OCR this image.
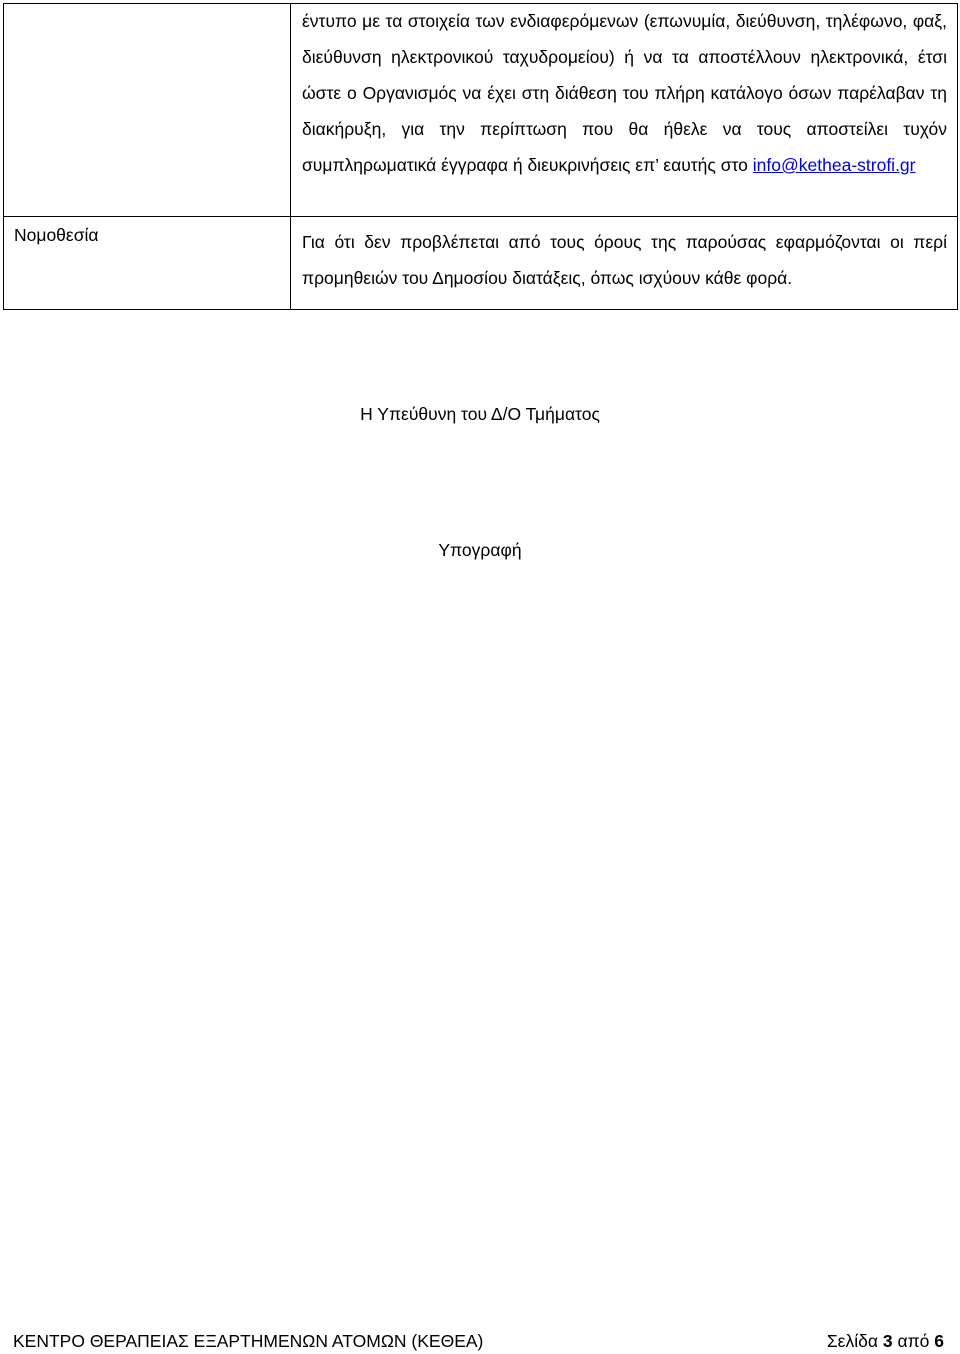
	έντυπο με τα στοιχεία των ενδιαφερόμενων (επωνυμία, διεύθυνση, τηλέφωνο, φαξ, διεύθυνση ηλεκτρονικού ταχυδρομείου) ή να τα αποστέλλουν ηλεκτρονικά, έτσι ώστε ο Οργανισμός να έχει στη διάθεση του πλήρη κατάλογο όσων παρέλαβαν τη διακήρυξη, για την περίπτωση που θα ήθελε να τους αποστείλει τυχόν συμπληρωματικά έγγραφα ή διευκρινήσεις επ’ εαυτής στο info@kethea-strofi.gr

Νομοθεσία	Για ότι δεν προβλέπεται από τους όρους της παρούσας εφαρμόζονται οι περί προμηθειών του Δημοσίου διατάξεις, όπως ισχύουν κάθε φορά.

Η Υπεύθυνη του Δ/Ο Τμήματος
Υπογραφή
ΚΕΝΤΡΟ ΘΕΡΑΠΕΙΑΣ ΕΞΑΡΤΗΜΕΝΩΝ ΑΤΟΜΩΝ (ΚΕΘΕΑ)	Σελίδα 3 από 6
